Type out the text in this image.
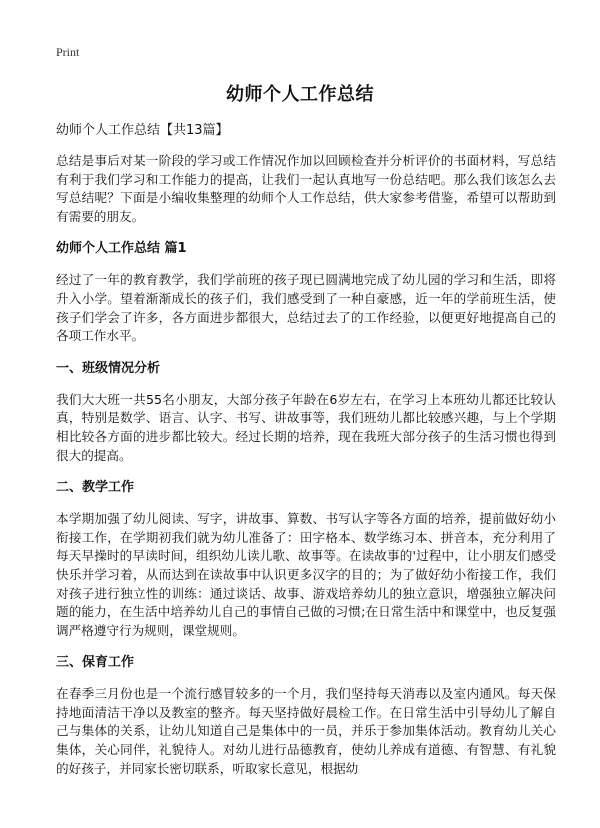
Print
幼师个人工作总结
幼师个人工作总结【共13篇】

总结是事后对某一阶段的学习或工作情况作加以回顾检查并分析评价的书面材料，写总结有利于我们学习和工作能力的提高，让我们一起认真地写一份总结吧。那么我们该怎么去写总结呢？下面是小编收集整理的幼师个人工作总结，供大家参考借鉴，希望可以帮助到有需要的朋友。

幼师个人工作总结 篇1

经过了一年的教育教学，我们学前班的孩子现已圆满地完成了幼儿园的学习和生活，即将升入小学。望着渐渐成长的孩子们，我们感受到了一种自豪感，近一年的学前班生活，使孩子们学会了许多，各方面进步都很大，总结过去了的工作经验，以便更好地提高自己的各项工作水平。

一、班级情况分析

我们大大班一共55名小朋友，大部分孩子年龄在6岁左右，在学习上本班幼儿都还比较认真，特别是数学、语言、认字、书写、讲故事等，我们班幼儿都比较感兴趣，与上个学期相比较各方面的进步都比较大。经过长期的培养，现在我班大部分孩子的生活习惯也得到很大的提高。

二、教学工作

本学期加强了幼儿阅读、写字，讲故事、算数、书写认字等各方面的培养，提前做好幼小衔接工作，在学期初我们就为幼儿准备了：田字格本、数学练习本、拼音本，充分利用了每天早操时的早读时间，组织幼儿读儿歌、故事等。在读故事的'过程中，让小朋友们感受快乐并学习着，从而达到在读故事中认识更多汉字的目的；为了做好幼小衔接工作，我们对孩子进行独立性的训练：通过谈话、故事、游戏培养幼儿的独立意识，增强独立解决问题的能力，在生活中培养幼儿自己的事情自己做的习惯;在日常生活中和课堂中，也反复强调严格遵守行为规则，课堂规则。

三、保育工作

在春季三月份也是一个流行感冒较多的一个月，我们坚持每天消毒以及室内通风。每天保持地面清洁干净以及教室的整齐。每天坚持做好晨检工作。在日常生活中引导幼儿了解自己与集体的关系，让幼儿知道自己是集体中的一员，并乐于参加集体活动。教育幼儿关心集体，关心同伴，礼貌待人。对幼儿进行品德教育，使幼儿养成有道德、有智慧、有礼貌的好孩子，并同家长密切联系，听取家长意见，根据幼
